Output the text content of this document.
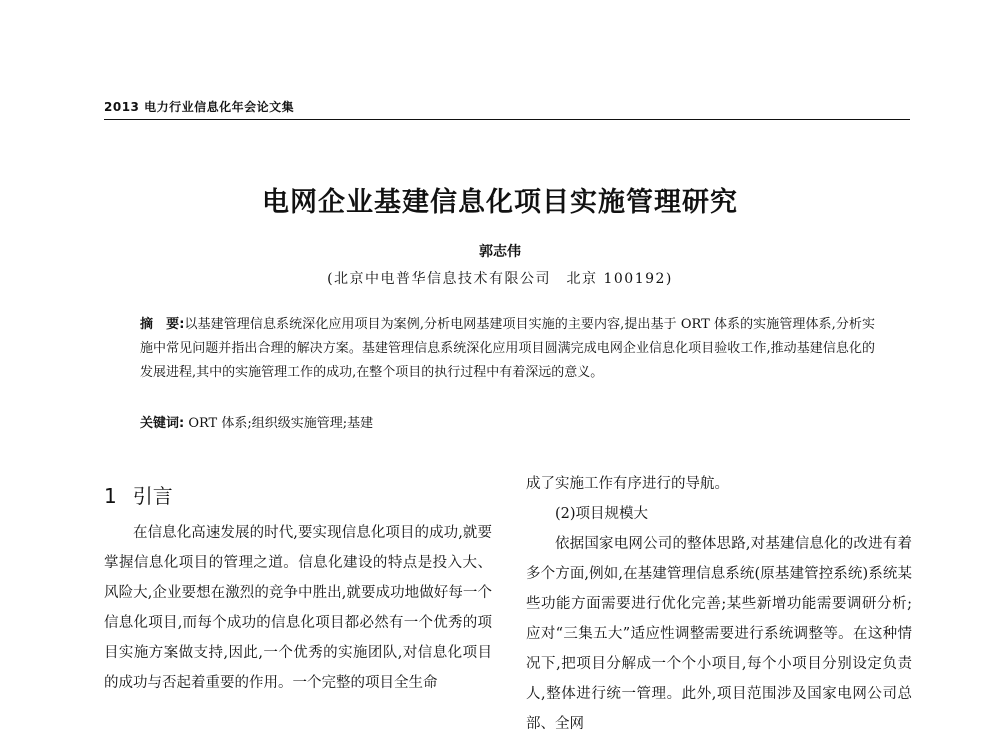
2013 电力行业信息化年会论文集
电网企业基建信息化项目实施管理研究
郭志伟
(北京中电普华信息技术有限公司　北京 100192)
摘　要:以基建管理信息系统深化应用项目为案例,分析电网基建项目实施的主要内容,提出基于 ORT 体系的实施管理体系,分析实施中常见问题并指出合理的解决方案。基建管理信息系统深化应用项目圆满完成电网企业信息化项目验收工作,推动基建信息化的发展进程,其中的实施管理工作的成功,在整个项目的执行过程中有着深远的意义。
关键词: ORT 体系;组织级实施管理;基建
1 引言

在信息化高速发展的时代,要实现信息化项目的成功,就要掌握信息化项目的管理之道。信息化建设的特点是投入大、风险大,企业要想在激烈的竞争中胜出,就要成功地做好每一个信息化项目,而每个成功的信息化项目都必然有一个优秀的项目实施方案做支持,因此,一个优秀的实施团队,对信息化项目的成功与否起着重要的作用。一个完整的项目全生命

成了实施工作有序进行的导航。

(2)项目规模大

依据国家电网公司的整体思路,对基建信息化的改进有着多个方面,例如,在基建管理信息系统(原基建管控系统)系统某些功能方面需要进行优化完善;某些新增功能需要调研分析;应对“三集五大”适应性调整需要进行系统调整等。在这种情况下,把项目分解成一个个小项目,每个小项目分别设定负责人,整体进行统一管理。此外,项目范围涉及国家电网公司总部、全网
